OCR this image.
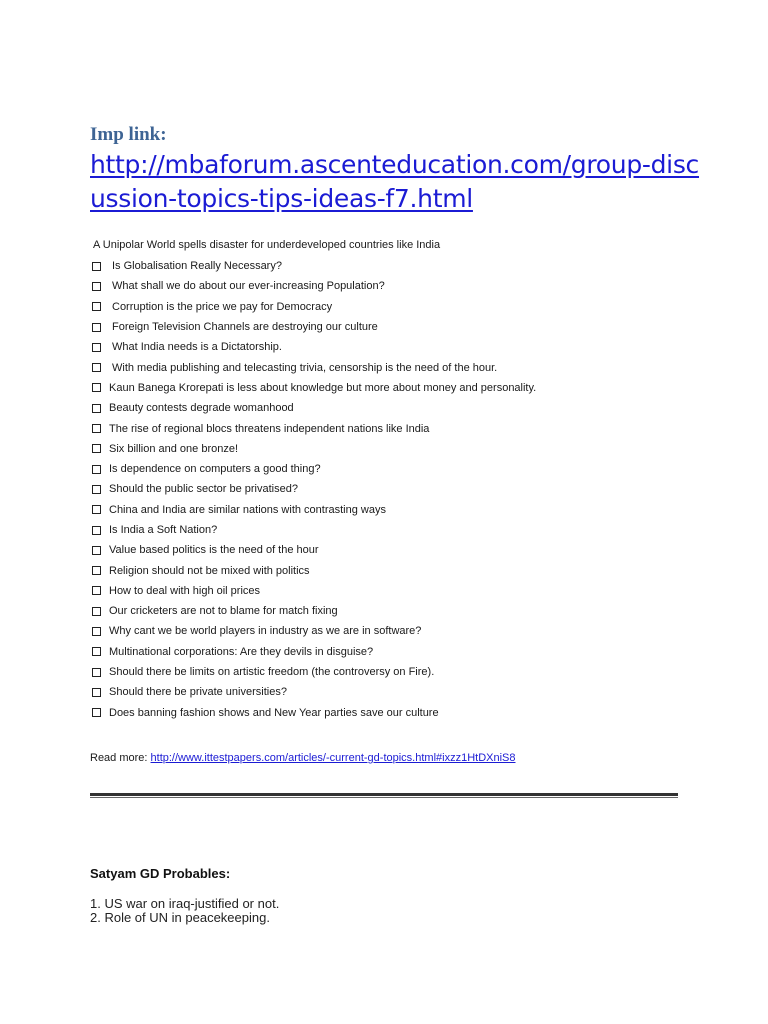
Imp link:
http://mbaforum.ascenteducation.com/group-discussion-topics-tips-ideas-f7.html

A Unipolar World spells disaster for underdeveloped countries like India

Is Globalisation Really Necessary?
What shall we do about our ever-increasing Population?
Corruption is the price we pay for Democracy
Foreign Television Channels are destroying our culture
What India needs is a Dictatorship.
With media publishing and telecasting trivia, censorship is the need of the hour.
Kaun Banega Krorepati is less about knowledge but more about money and personality.
Beauty contests degrade womanhood
The rise of regional blocs threatens independent nations like India
Six billion and one bronze!
Is dependence on computers a good thing?
Should the public sector be privatised?
China and India are similar nations with contrasting ways
Is India a Soft Nation?
Value based politics is the need of the hour
Religion should not be mixed with politics
How to deal with high oil prices
Our cricketers are not to blame for match fixing
Why cant we be world players in industry as we are in software?
Multinational corporations: Are they devils in disguise?
Should there be limits on artistic freedom (the controversy on Fire).
Should there be private universities?
Does banning fashion shows and New Year parties save our culture
Read more: http://www.ittestpapers.com/articles/-current-gd-topics.html#ixzz1HtDXniS8
Satyam GD Probables:
1. US war on iraq-justified or not.
2. Role of UN in peacekeeping.
